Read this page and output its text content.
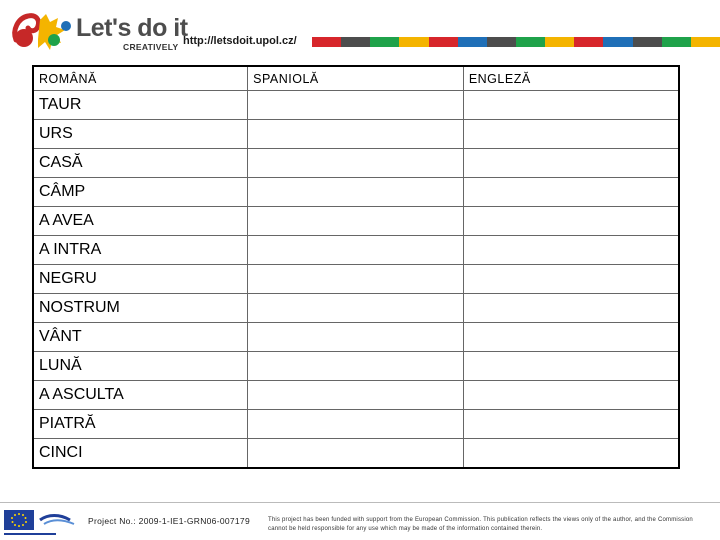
Let's do it
CREATIVELY http://letsdoit.upol.cz/
ROMÂNĂ	SPANIOLĂ	ENGLEZĂ
TAUR		
URS		
CASĂ		
CÂMP		
A AVEA		
A INTRA		
NEGRU		
NOSTRUM		
VÂNT		
LUNĂ		
A ASCULTA		
PIATRĂ		
CINCI		
Project No.: 2009-1-IE1-GRN06-007179	This project has been funded with support from the European Commission. This publication reflects the views only of the author, and the Commission cannot be held responsible for any use which may be made of the information contained therein.
